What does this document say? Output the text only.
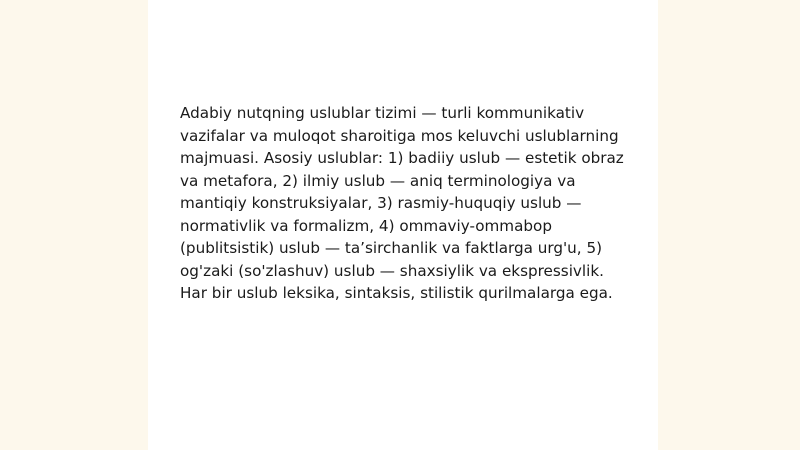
Adabiy nutqning uslublar tizimi — turli kommunikativ vazifalar va muloqot sharoitiga mos keluvchi uslublarning majmuasi. Asosiy uslublar: 1) badiiy uslub — estetik obraz va metafora, 2) ilmiy uslub — aniq terminologiya va mantiqiy konstruksiyalar, 3) rasmiy-huquqiy uslub — normativlik va formalizm, 4) ommaviy-ommabop (publitsistik) uslub — ta’sirchanlik va faktlarga urg'u, 5) og'zaki (so'zlashuv) uslub — shaxsiylik va ekspressivlik. Har bir uslub leksika, sintaksis, stilistik qurilmalarga ega.
